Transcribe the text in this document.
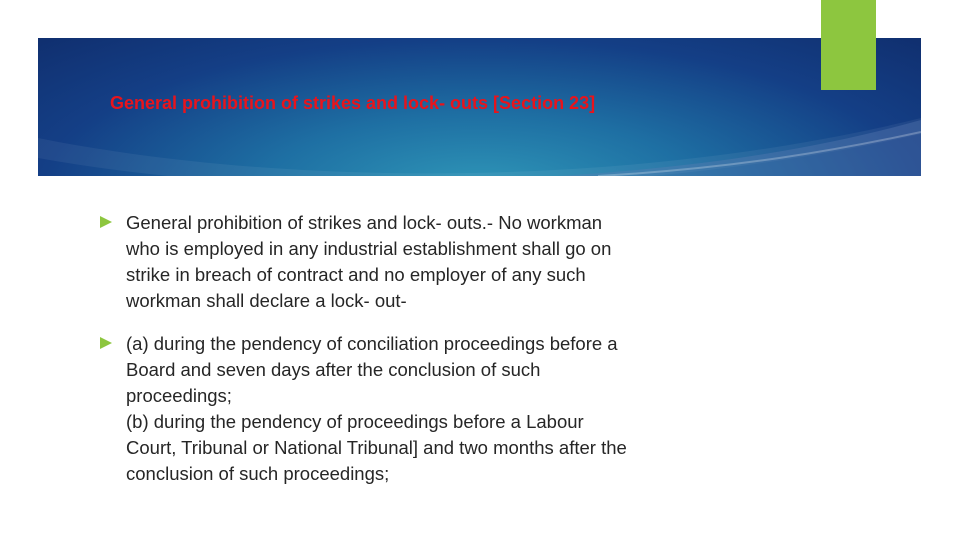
General prohibition of strikes and lock- outs [Section 23]
General prohibition of strikes and lock- outs.- No workman
who is employed in any industrial establishment shall go on
strike in breach of contract and no employer of any such
workman shall declare a lock- out-
(a) during the pendency of conciliation proceedings before a
Board and seven days after the conclusion of such
proceedings;
(b) during the pendency of proceedings before a Labour
Court, Tribunal or National Tribunal] and two months after the
conclusion of such proceedings;
